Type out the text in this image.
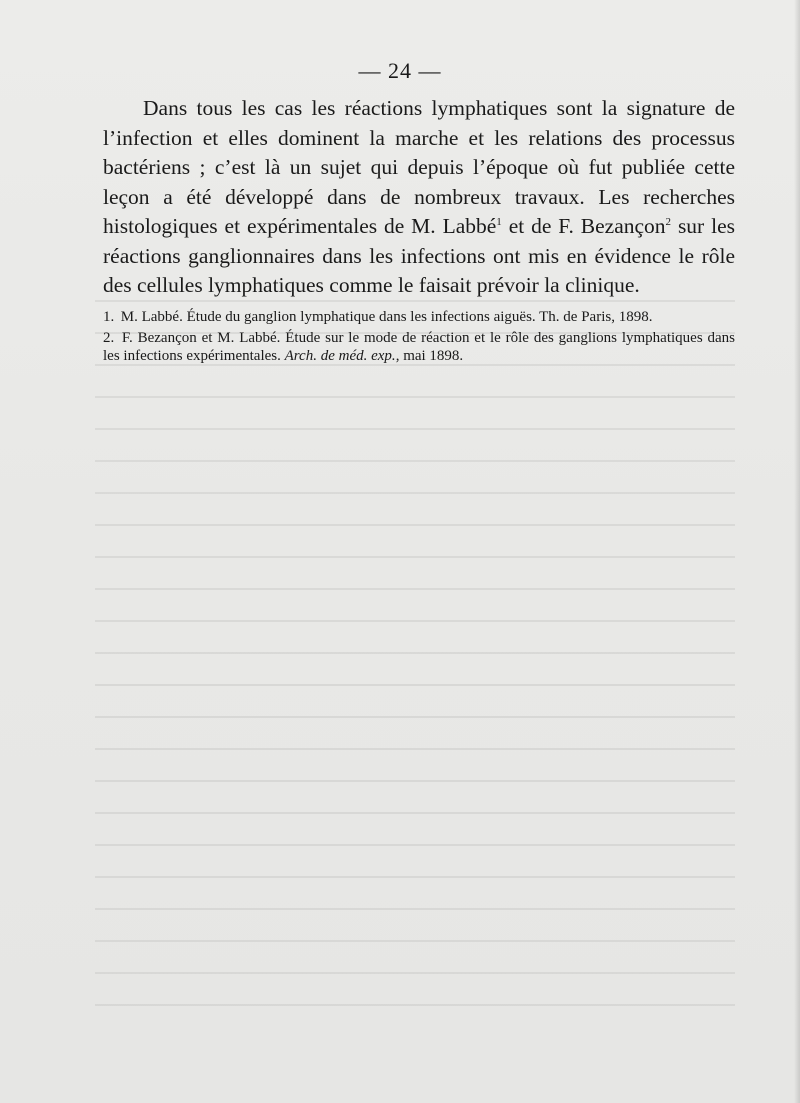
— 24 —

Dans tous les cas les réactions lymphatiques sont la signature de l’infection et elles dominent la marche et les relations des processus bactériens ; c’est là un sujet qui depuis l’époque où fut publiée cette leçon a été développé dans de nombreux travaux. Les recherches histologiques et expérimentales de M. Labbé$^1$ et de F. Bezançon$^2$ sur les réactions ganglionnaires dans les infections ont mis en évidence le rôle des cellules lymphatiques comme le faisait prévoir la clinique.

1. M. Labbé. Étude du ganglion lymphatique dans les infections aiguës. Th. de Paris, 1898.
2. F. Bezançon et M. Labbé. Étude sur le mode de réaction et le rôle des ganglions lymphatiques dans les infections expérimentales. Arch. de méd. exp., mai 1898.
